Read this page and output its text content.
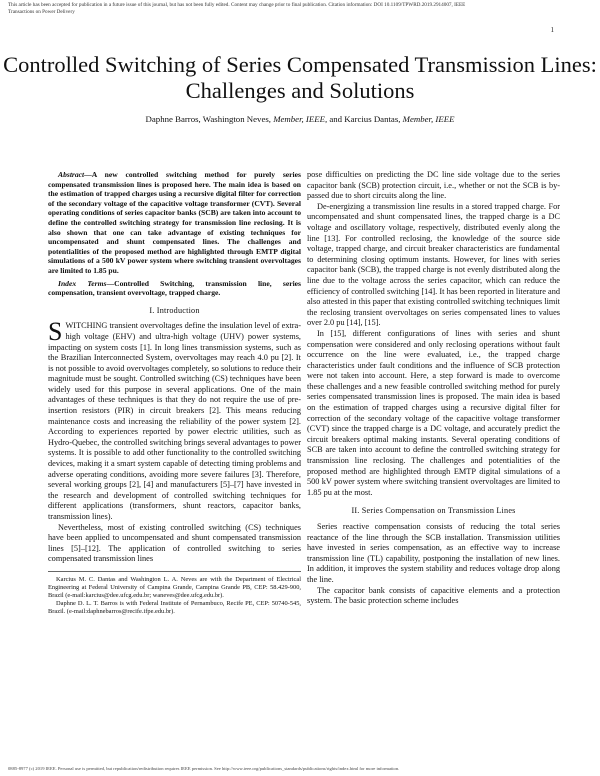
This article has been accepted for publication in a future issue of this journal, but has not been fully edited. Content may change prior to final publication. Citation information: DOI 10.1109/TPWRD.2019.2914007, IEEE
Transactions on Power Delivery
1
Controlled Switching of Series Compensated Transmission Lines: Challenges and Solutions
Daphne Barros, Washington Neves, Member, IEEE, and Karcius Dantas, Member, IEEE

Abstract—A new controlled switching method for purely series compensated transmission lines is proposed here. The main idea is based on the estimation of trapped charges using a recursive digital filter for correction of the secondary voltage of the capacitive voltage transformer (CVT). Several operating conditions of series capacitor banks (SCB) are taken into account to define the controlled switching strategy for transmission line reclosing. It is also shown that one can take advantage of existing techniques for uncompensated and shunt compensated lines. The challenges and potentialities of the proposed method are highlighted through EMTP digital simulations of a 500 kV power system where switching transient overvoltages are limited to 1.85 pu.

Index Terms—Controlled Switching, transmission line, series compensation, transient overvoltage, trapped charge.

I. Introduction

SWITCHING transient overvoltages define the insulation level of extra-high voltage (EHV) and ultra-high voltage (UHV) power systems, impacting on system costs [1]. In long lines transmission systems, such as the Brazilian Interconnected System, overvoltages may reach 4.0 pu [2]. It is not possible to avoid overvoltages completely, so solutions to reduce their magnitude must be sought. Controlled switching (CS) techniques have been widely used for this purpose in several applications. One of the main advantages of these techniques is that they do not require the use of pre-insertion resistors (PIR) in circuit breakers [2]. This means reducing maintenance costs and increasing the reliability of the power system [2]. According to experiences reported by power electric utilities, such as Hydro-Quebec, the controlled switching brings several advantages to power systems. It is possible to add other functionality to the controlled switching devices, making it a smart system capable of detecting timing problems and adverse operating conditions, avoiding more severe failures [3]. Therefore, several working groups [2], [4] and manufacturers [5]–[7] have invested in the research and development of controlled switching techniques for different applications (transformers, shunt reactors, capacitor banks, transmission lines).

Nevertheless, most of existing controlled switching (CS) techniques have been applied to uncompensated and shunt compensated transmission lines [5]–[12]. The application of controlled switching to series compensated transmission lines

Karcius M. C. Dantas and Washington L. A. Neves are with the Department of Electrical Engineering at Federal University of Campina Grande, Campina Grande PB, CEP: 58.429-900, Brazil (e-mail:karcius@dee.ufcg.edu.br; waneves@dee.ufcg.edu.br).

Daphne D. L. T. Barros is with Federal Institute of Pernambuco, Recife PE, CEP: 50740-545, Brazil. (e-mail:daphnebarros@recife.ifpe.edu.br).

pose difficulties on predicting the DC line side voltage due to the series capacitor bank (SCB) protection circuit, i.e., whether or not the SCB is by-passed due to short circuits along the line.

De-energizing a transmission line results in a stored trapped charge. For uncompensated and shunt compensated lines, the trapped charge is a DC voltage and oscillatory voltage, respectively, distributed evenly along the line [13]. For controlled reclosing, the knowledge of the source side voltage, trapped charge, and circuit breaker characteristics are fundamental to determining closing optimum instants. However, for lines with series capacitor bank (SCB), the trapped charge is not evenly distributed along the line due to the voltage across the series capacitor, which can reduce the efficiency of controlled switching [14]. It has been reported in literature and also attested in this paper that existing controlled switching techniques limit the reclosing transient overvoltages on series compensated lines to values over 2.0 pu [14], [15].

In [15], different configurations of lines with series and shunt compensation were considered and only reclosing operations without fault occurrence on the line were evaluated, i.e., the trapped charge characteristics under fault conditions and the influence of SCB protection were not taken into account. Here, a step forward is made to overcome these challenges and a new feasible controlled switching method for purely series compensated transmission lines is proposed. The main idea is based on the estimation of trapped charges using a recursive digital filter for correction of the secondary voltage of the capacitive voltage transformer (CVT) since the trapped charge is a DC voltage, and accurately predict the circuit breakers optimal making instants. Several operating conditions of SCB are taken into account to define the controlled switching strategy for transmission line reclosing. The challenges and potentialities of the proposed method are highlighted through EMTP digital simulations of a 500 kV power system where switching transient overvoltages are limited to 1.85 pu at the most.

II. Series Compensation on Transmission Lines

Series reactive compensation consists of reducing the total series reactance of the line through the SCB installation. Transmission utilities have invested in series compensation, as an effective way to increase transmission line (TL) capability, postponing the installation of new lines. In addition, it improves the system stability and reduces voltage drop along the line.

The capacitor bank consists of capacitive elements and a protection system. The basic protection scheme includes

0885-8977 (c) 2019 IEEE. Personal use is permitted, but republication/redistribution requires IEEE permission. See http://www.ieee.org/publications_standards/publications/rights/index.html for more information.
